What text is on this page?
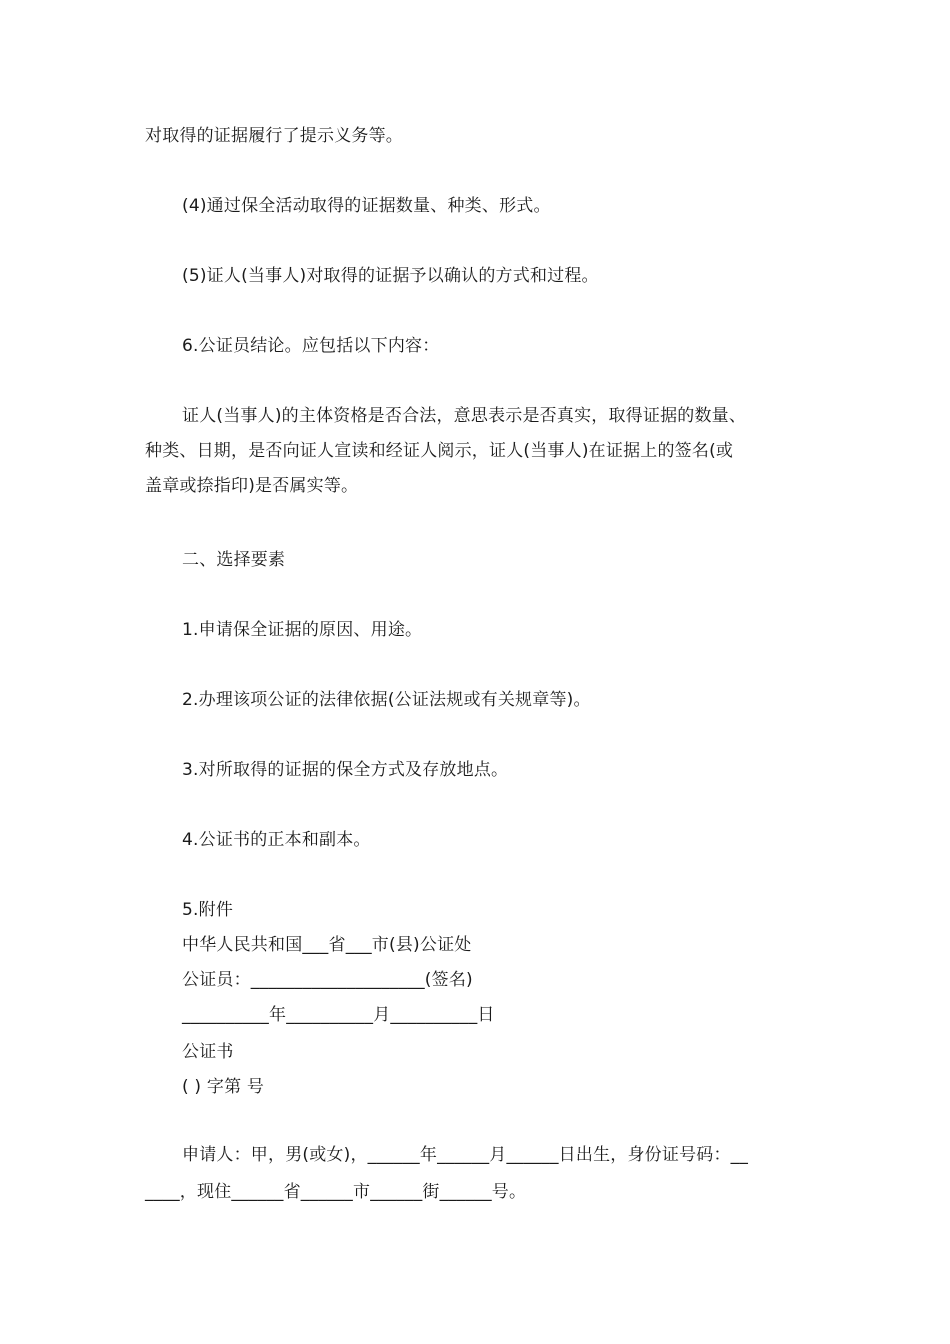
对取得的证据履行了提示义务等。
(4)通过保全活动取得的证据数量、种类、形式。
(5)证人(当事人)对取得的证据予以确认的方式和过程。
6.公证员结论。应包括以下内容：
证人(当事人)的主体资格是否合法，意思表示是否真实，取得证据的数量、
种类、日期，是否向证人宣读和经证人阅示，证人(当事人)在证据上的签名(或
盖章或捺指印)是否属实等。
二、选择要素
1.申请保全证据的原因、用途。
2.办理该项公证的法律依据(公证法规或有关规章等)。
3.对所取得的证据的保全方式及存放地点。
4.公证书的正本和副本。
5.附件
中华人民共和国___省___市(县)公证处
公证员：____________________(签名)
__________年__________月__________日
公证书
( ) 字第 号
申请人：甲，男(或女)，______年______月______日出生，身份证号码：__
____，现住______省______市______街______号。
